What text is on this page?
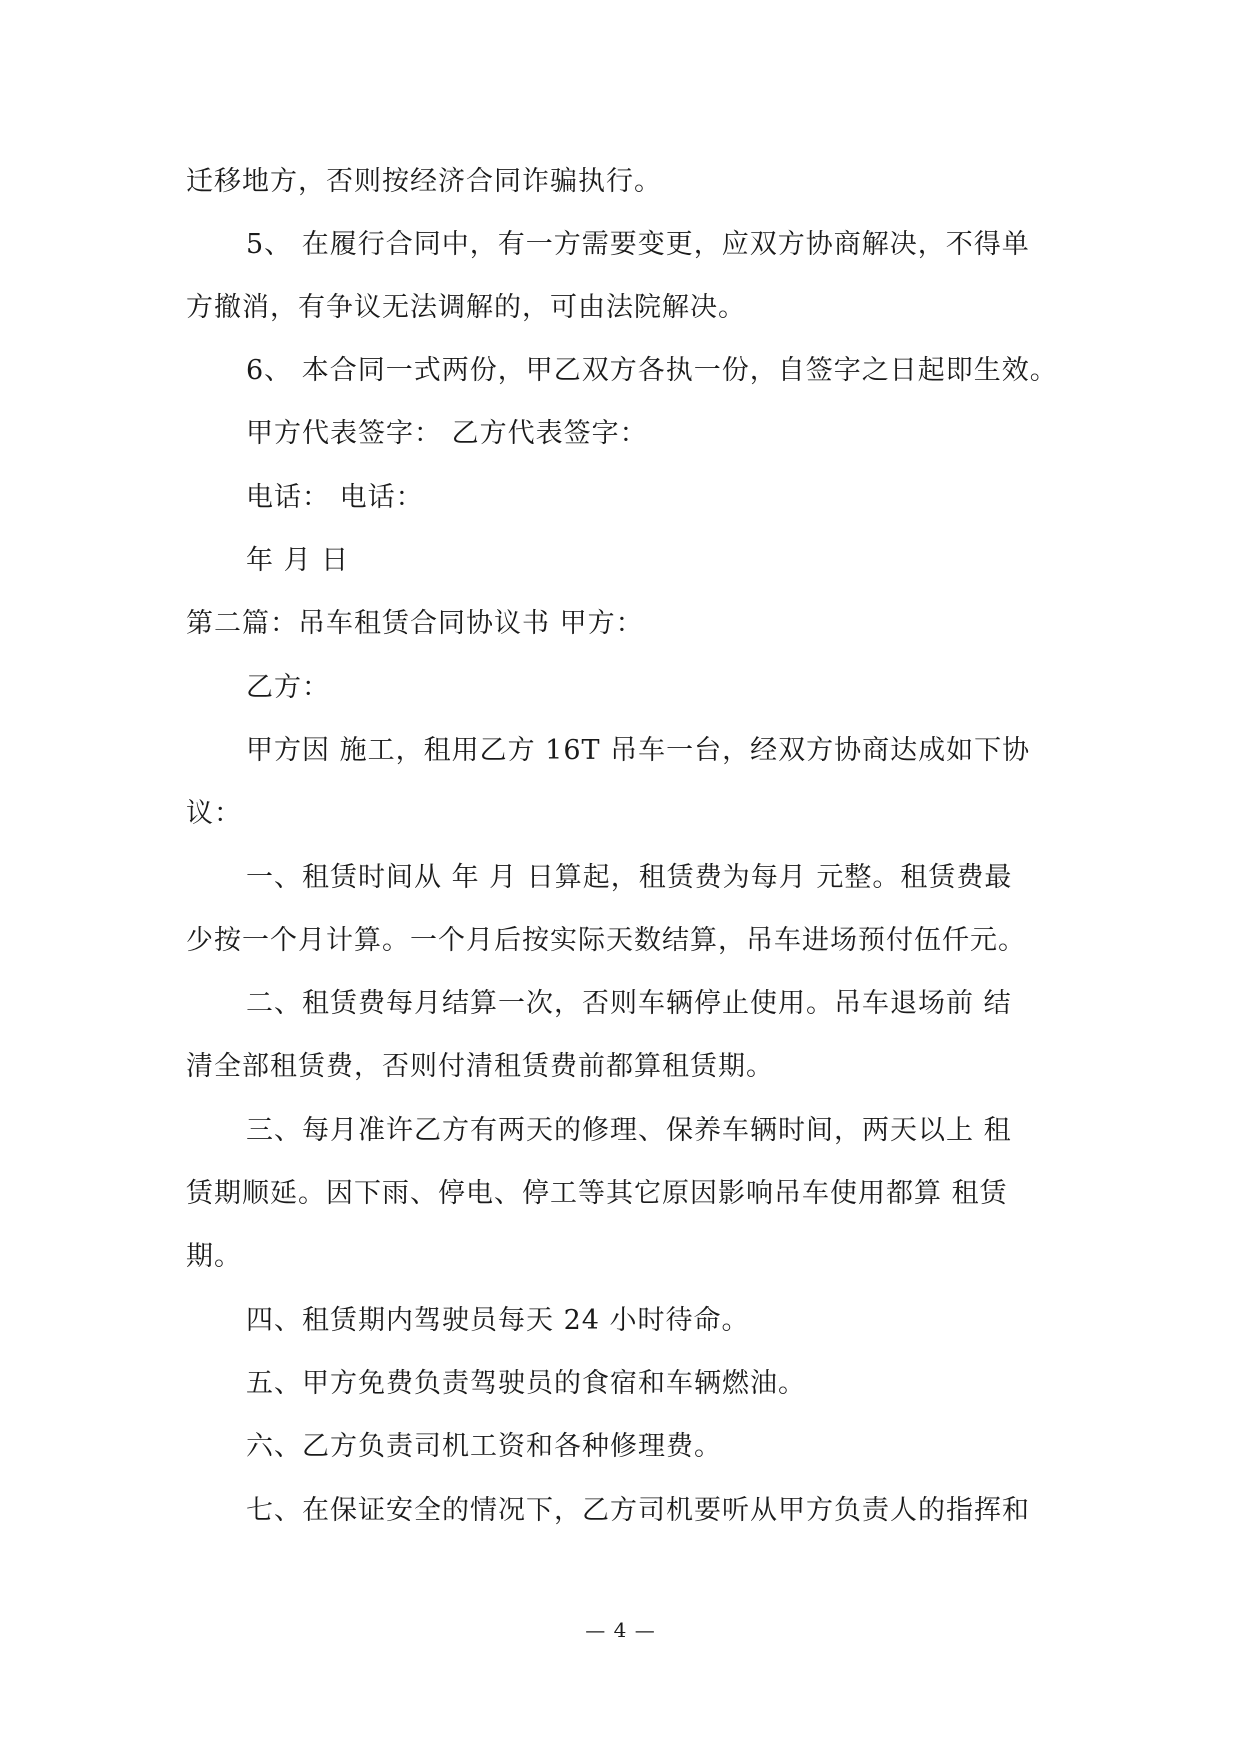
迁移地方，否则按经济合同诈骗执行。
5、 在履行合同中，有一方需要变更，应双方协商解决，不得单
方撤消，有争议无法调解的，可由法院解决。
6、 本合同一式两份，甲乙双方各执一份，自签字之日起即生效。
甲方代表签字： 乙方代表签字：
电话： 电话：
年 月 日
第二篇：吊车租赁合同协议书 甲方：
乙方：
甲方因 施工，租用乙方 16T 吊车一台，经双方协商达成如下协
议：
一、租赁时间从 年 月 日算起，租赁费为每月 元整。租赁费最
少按一个月计算。一个月后按实际天数结算，吊车进场预付伍仟元。
二、租赁费每月结算一次，否则车辆停止使用。吊车退场前 结
清全部租赁费，否则付清租赁费前都算租赁期。
三、每月准许乙方有两天的修理、保养车辆时间，两天以上 租
赁期顺延。因下雨、停电、停工等其它原因影响吊车使用都算 租赁
期。
四、租赁期内驾驶员每天 24 小时待命。
五、甲方免费负责驾驶员的食宿和车辆燃油。
六、乙方负责司机工资和各种修理费。
七、在保证安全的情况下，乙方司机要听从甲方负责人的指挥和
— 4 —
